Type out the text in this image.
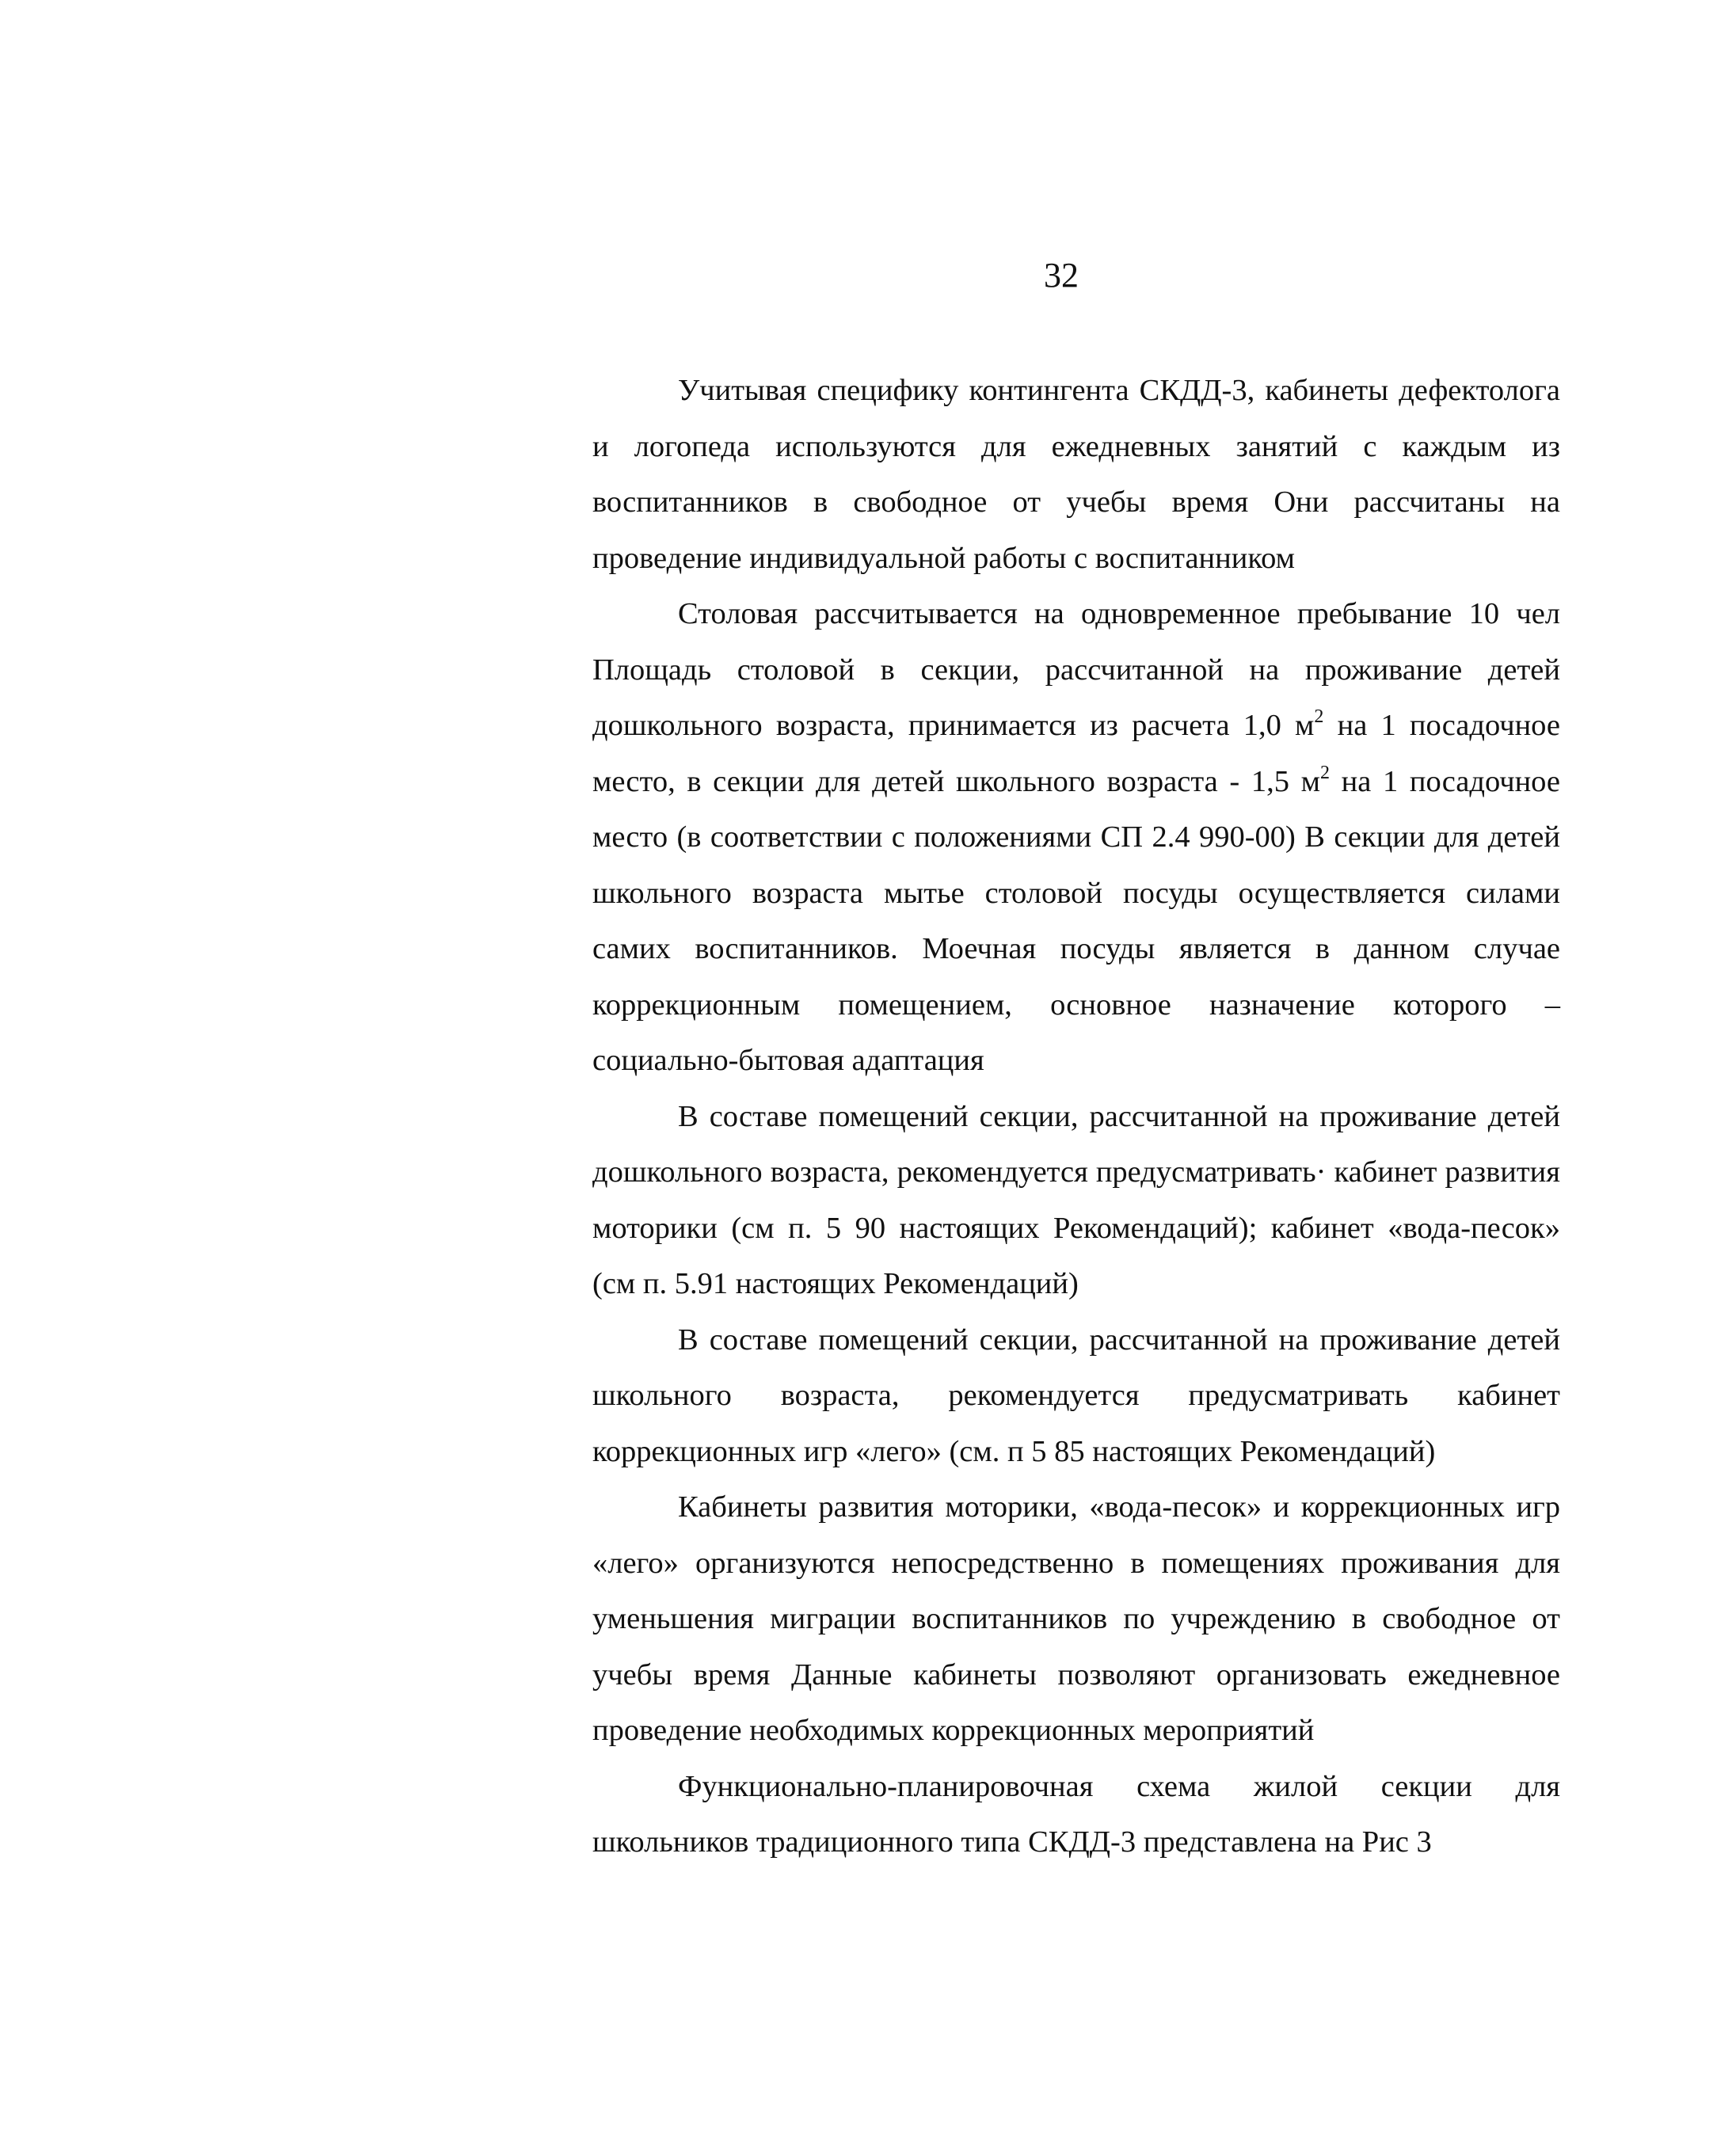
32

Учитывая специфику контингента СКДД-3, кабинеты дефектолога и логопеда используются для ежедневных занятий с каждым из воспитанников в свободное от учебы время Они рассчитаны на проведение индивидуальной работы с воспитанником

Столовая рассчитывается на одновременное пребывание 10 чел Площадь столовой в секции, рассчитанной на проживание детей дошкольного возраста, принимается из расчета 1,0 $м^2$ на 1 посадочное место, в секции для детей школьного возраста - 1,5 $м^2$ на 1 посадочное место (в соответствии с положениями СП 2.4 990-00) В секции для детей школьного возраста мытье столовой посуды осуществляется силами самих воспитанников. Моечная посуды является в данном случае коррекционным помещением, основное назначение которого – социально-бытовая адаптация

В составе помещений секции, рассчитанной на проживание детей дошкольного возраста, рекомендуется предусматривать· кабинет развития моторики (см п. 5 90 настоящих Рекомендаций); кабинет «вода-песок» (см п. 5.91 настоящих Рекомендаций)

В составе помещений секции, рассчитанной на проживание детей школьного возраста, рекомендуется предусматривать кабинет коррекционных игр «лего» (см. п 5 85 настоящих Рекомендаций)

Кабинеты развития моторики, «вода-песок» и коррекционных игр «лего» организуются непосредственно в помещениях проживания для уменьшения миграции воспитанников по учреждению в свободное от учебы время Данные кабинеты позволяют организовать ежедневное проведение необходимых коррекционных мероприятий

Функционально-планировочная схема жилой секции для школьников традиционного типа СКДД-3 представлена на Рис 3
